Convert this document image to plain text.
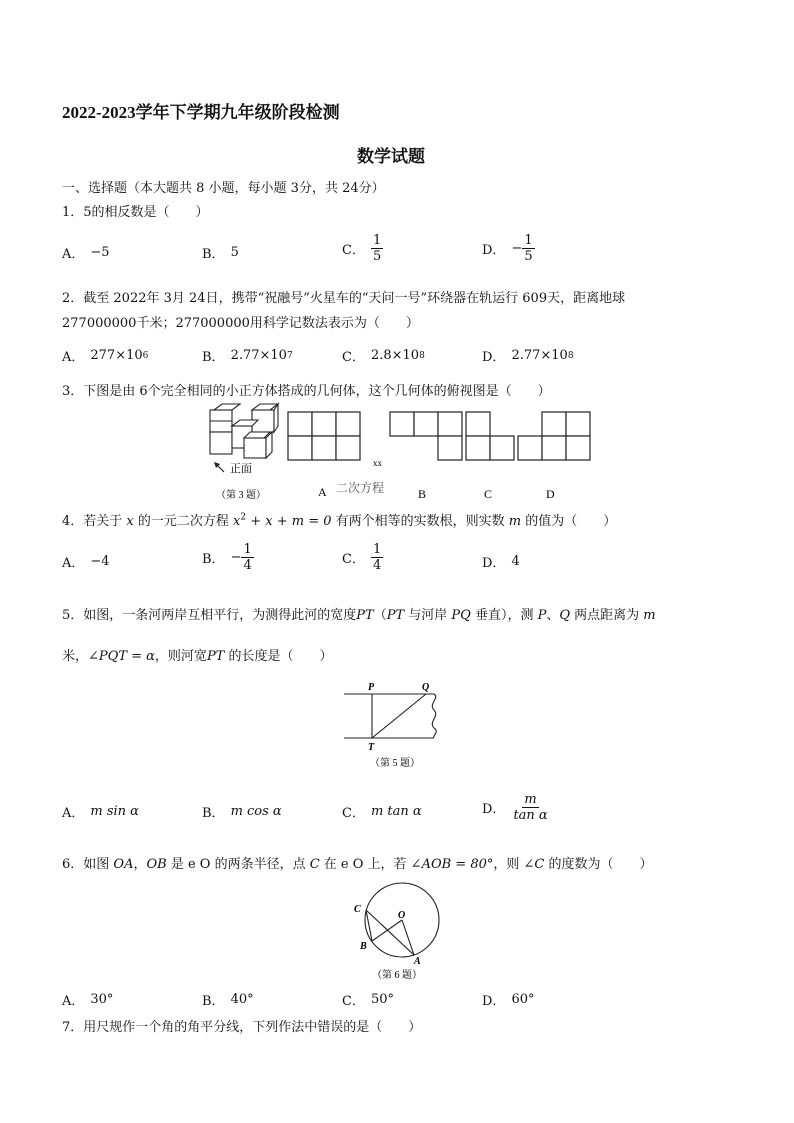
2022-2023学年下学期九年级阶段检测
数学试题
一、选择题（本大题共 8 小题，每小题 3分，共 24分）
1．5的相反数是（　　）
A． −5	B． 5	C． $\frac{1}{5}$	D． − $\frac{1}{5}$
2．截至 2022年 3月 24日，携带“祝融号”火星车的“天问一号”环绕器在轨运行 609天，距离地球
277000000千米；277000000用科学记数法表示为（　　）
A． 277×10 6	B． 2.77×10 7	C． 2.8×10 8	D． 2.77×10 8
3．下图是由 6个完全相同的小正方体搭成的几何体，这个几何体的俯视图是（　　）
正面
（第 3 题）	A
xx
二次方程	B	C	D
4．若关于 x 的一元二次方程 $x^2 + x + m = 0$ 有两个相等的实数根，则实数 m 的值为（　　）
A． −4	B． − $\frac{1}{4}$	C． $\frac{1}{4}$	D． 4
5．如图，一条河两岸互相平行，为测得此河的宽度PT（PT 与河岸 PQ 垂直），测 P、Q 两点距离为 m
米，∠PQT = α，则河宽PT 的长度是（　　）
P	Q
T
（第 5 题）
A． m sin α	B． m cos α	C． m tan α	D． $\frac{m}{\text{tan α}}$
6．如图 OA，OB 是 e O 的两条半径，点 C 在 e O 上，若 ∠AOB = 80°，则 ∠C 的度数为（　　）
C
O
B
A
（第 6 题）
A． 30°	B． 40°	C． 50°	D． 60°
7．用尺规作一个角的角平分线，下列作法中错误的是（　　）
